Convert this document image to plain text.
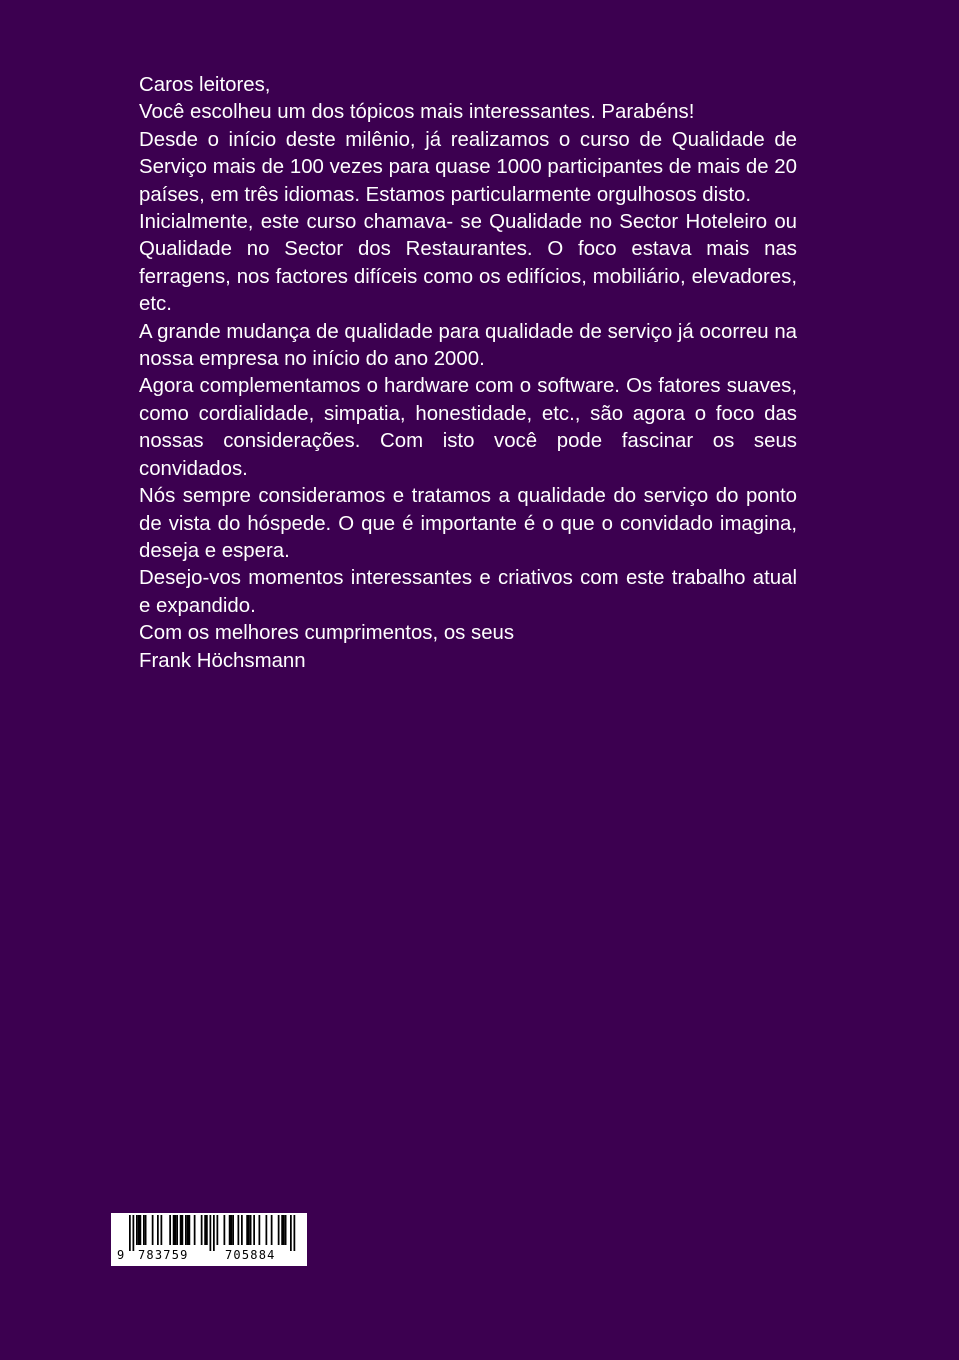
Caros leitores,

Você escolheu um dos tópicos mais interessantes. Parabéns!

Desde o início deste milênio, já realizamos o curso de Qualidade de Serviço mais de 100 vezes para quase 1000 participantes de mais de 20 países, em três idiomas. Estamos particularmente orgulhosos disto.

Inicialmente, este curso chamava- se Qualidade no Sector Hoteleiro ou Qualidade no Sector dos Restaurantes. O foco estava mais nas ferragens, nos factores difíceis como os edifícios, mobiliário, elevadores, etc.

A grande mudança de qualidade para qualidade de serviço já ocorreu na nossa empresa no início do ano 2000.

Agora complementamos o hardware com o software. Os fatores suaves, como cordialidade, simpatia, honestidade, etc., são agora o foco das nossas considerações. Com isto você pode fascinar os seus convidados.

Nós sempre consideramos e tratamos a qualidade do serviço do ponto de vista do hóspede. O que é importante é o que o convidado imagina, deseja e espera.

Desejo-vos momentos interessantes e criativos com este trabalho atual e expandido.

Com os melhores cumprimentos, os seus

Frank Höchsmann

9 783759	705884
